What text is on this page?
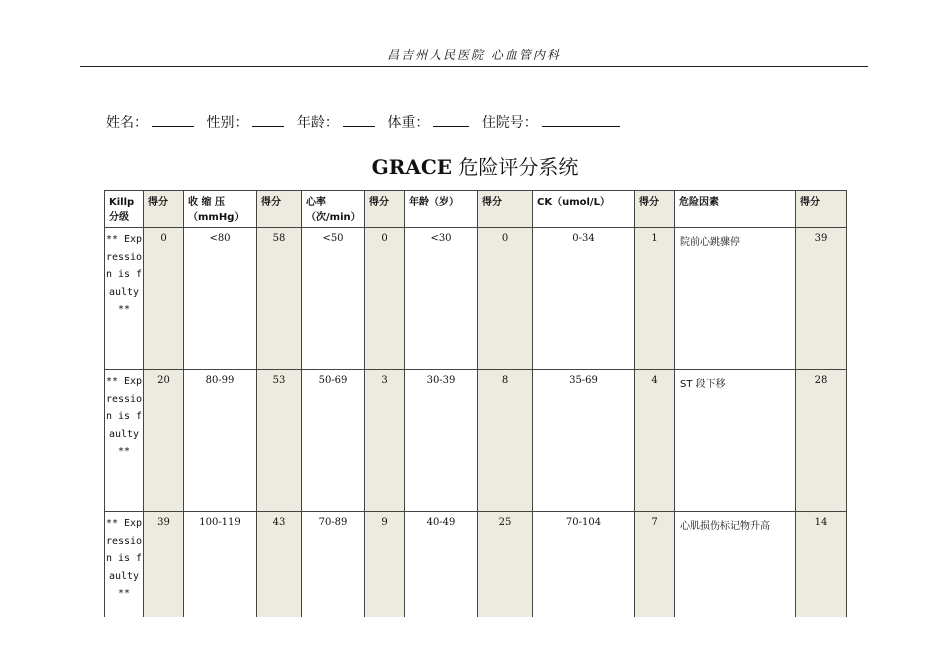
昌吉州人民医院 心血管内科
姓名：	性别：	年龄：	体重：	住院号：
GRACE 危险评分系统
Killp分级	得分	收 缩 压（mmHg）	得分	心率（次/min）	得分	年龄（岁）	得分	CK（umol/L）	得分	危险因素	得分
** Expression is faulty **	0	<80	58	<50	0	<30	0	0-34	1	院前心跳骤停	39
** Expression is faulty **	20	80-99	53	50-69	3	30-39	8	35-69	4	ST 段下移	28
** Expression is faulty **	39	100-119	43	70-89	9	40-49	25	70-104	7	心肌损伤标记物升高	14
